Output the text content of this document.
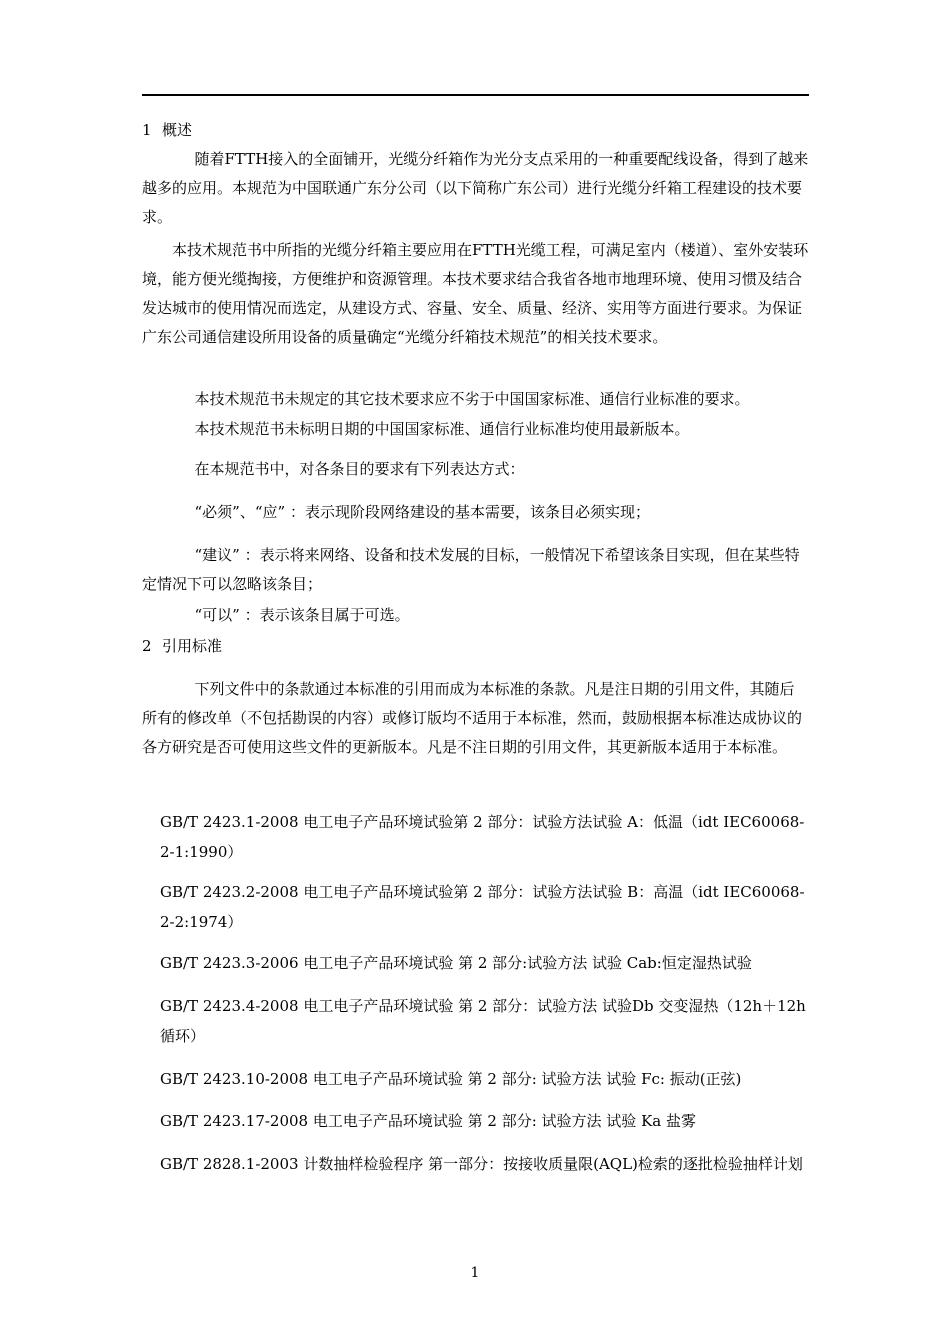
1 概述

随着FTTH接入的全面铺开，光缆分纤箱作为光分支点采用的一种重要配线设备，得到了越来越多的应用。本规范为中国联通广东分公司（以下简称广东公司）进行光缆分纤箱工程建设的技术要求。

本技术规范书中所指的光缆分纤箱主要应用在FTTH光缆工程，可满足室内（楼道）、室外安装环境，能方便光缆掏接，方便维护和资源管理。本技术要求结合我省各地市地理环境、使用习惯及结合发达城市的使用情况而选定，从建设方式、容量、安全、质量、经济、实用等方面进行要求。为保证广东公司通信建设所用设备的质量确定“光缆分纤箱技术规范”的相关技术要求。

本技术规范书未规定的其它技术要求应不劣于中国国家标准、通信行业标准的要求。

本技术规范书未标明日期的中国国家标准、通信行业标准均使用最新版本。

在本规范书中，对各条目的要求有下列表达方式：

“必须”、“应” ：表示现阶段网络建设的基本需要，该条目必须实现；

“建议” ：表示将来网络、设备和技术发展的目标，一般情况下希望该条目实现，但在某些特定情况下可以忽略该条目；

“可以” ：表示该条目属于可选。

2 引用标准

下列文件中的条款通过本标准的引用而成为本标准的条款。凡是注日期的引用文件，其随后所有的修改单（不包括勘误的内容）或修订版均不适用于本标准，然而，鼓励根据本标准达成协议的各方研究是否可使用这些文件的更新版本。凡是不注日期的引用文件，其更新版本适用于本标准。

GB/T 2423.1-2008 电工电子产品环境试验第 2 部分：试验方法试验 A：低温（idt IEC60068-2-1:1990）

GB/T 2423.2-2008 电工电子产品环境试验第 2 部分：试验方法试验 B：高温（idt IEC60068-2-2:1974）

GB/T 2423.3-2006 电工电子产品环境试验 第 2 部分:试验方法 试验 Cab:恒定湿热试验

GB/T 2423.4-2008 电工电子产品环境试验 第 2 部分：试验方法 试验Db 交变湿热（12h＋12h 循环）

GB/T 2423.10-2008 电工电子产品环境试验 第 2 部分: 试验方法 试验 Fc: 振动(正弦)

GB/T 2423.17-2008 电工电子产品环境试验 第 2 部分: 试验方法 试验 Ka 盐雾

GB/T 2828.1-2003 计数抽样检验程序 第一部分：按接收质量限(AQL)检索的逐批检验抽样计划

1
